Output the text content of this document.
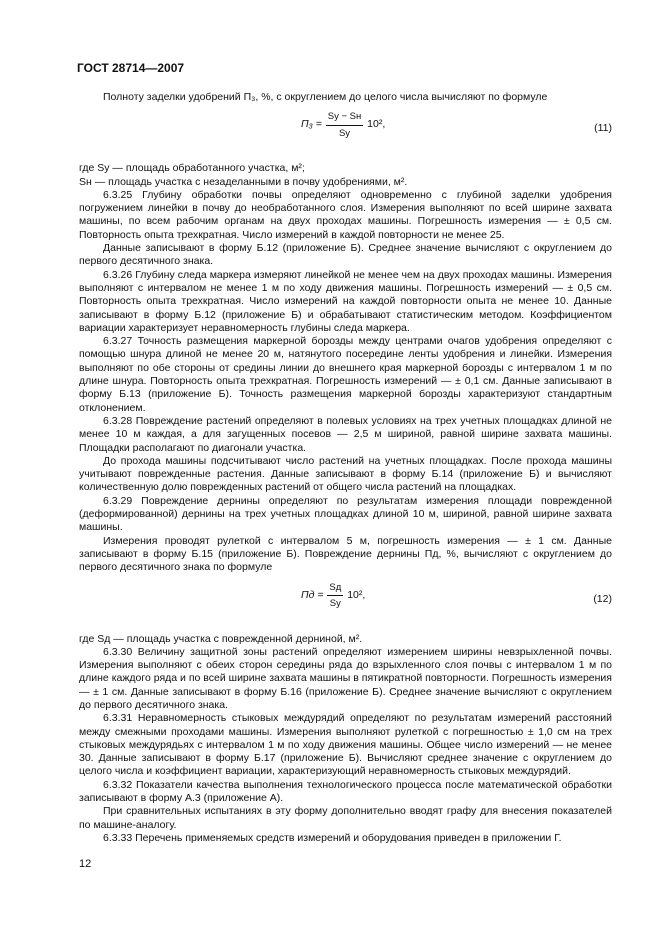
ГОСТ 28714—2007

Полноту заделки удобрений П₃, %, с округлением до целого числа вычисляют по формуле

$П_3 = \frac{Sу - Sн}{Sу} 10^2$,	(11)

где Sу — площадь обработанного участка, м²;

Sн — площадь участка с незаделанными в почву удобрениями, м².

6.3.25 Глубину обработки почвы определяют одновременно с глубиной заделки удобрения погружением линейки в почву до необработанного слоя. Измерения выполняют по всей ширине захвата машины, по всем рабочим органам на двух проходах машины. Погрешность измерения — ± 0,5 см. Повторность опыта трехкратная. Число измерений в каждой повторности не менее 25.

Данные записывают в форму Б.12 (приложение Б). Среднее значение вычисляют с округлением до первого десятичного знака.

6.3.26 Глубину следа маркера измеряют линейкой не менее чем на двух проходах машины. Измерения выполняют с интервалом не менее 1 м по ходу движения машины. Погрешность измерений — ± 0,5 см. Повторность опыта трехкратная. Число измерений на каждой повторности опыта не менее 10. Данные записывают в форму Б.12 (приложение Б) и обрабатывают статистическим методом. Коэффициентом вариации характеризует неравномерность глубины следа маркера.

6.3.27 Точность размещения маркерной борозды между центрами очагов удобрения определяют с помощью шнура длиной не менее 20 м, натянутого посередине ленты удобрения и линейки. Измерения выполняют по обе стороны от средины линии до внешнего края маркерной борозды с интервалом 1 м по длине шнура. Повторность опыта трехкратная. Погрешность измерений — ± 0,1 см. Данные записывают в форму Б.13 (приложение Б). Точность размещения маркерной борозды характеризуют стандартным отклонением.

6.3.28 Повреждение растений определяют в полевых условиях на трех учетных площадках длиной не менее 10 м каждая, а для загущенных посевов — 2,5 м шириной, равной ширине захвата машины. Площадки располагают по диагонали участка.

До прохода машины подсчитывают число растений на учетных площадках. После прохода машины учитывают поврежденные растения. Данные записывают в форму Б.14 (приложение Б) и вычисляют количественную долю поврежденных растений от общего числа растений на площадках.

6.3.29 Повреждение дернины определяют по результатам измерения площади поврежденной (деформированной) дернины на трех учетных площадках длиной 10 м, шириной, равной ширине захвата машины.

Измерения проводят рулеткой с интервалом 5 м, погрешность измерения — ± 1 см. Данные записывают в форму Б.15 (приложение Б). Повреждение дернины Пд, %, вычисляют с округлением до первого десятичного знака по формуле

Пд = $\frac{Sд}{Sу} 10^2$,	(12)

где Sд — площадь участка с поврежденной дерниной, м².

6.3.30 Величину защитной зоны растений определяют измерением ширины невзрыхленной почвы. Измерения выполняют с обеих сторон середины ряда до взрыхленного слоя почвы с интервалом 1 м по длине каждого ряда и по всей ширине захвата машины в пятикратной повторности. Погрешность измерения — ± 1 см. Данные записывают в форму Б.16 (приложение Б). Среднее значение вычисляют с округлением до первого десятичного знака.

6.3.31 Неравномерность стыковых междурядий определяют по результатам измерений расстояний между смежными проходами машины. Измерения выполняют рулеткой с погрешностью ± 1,0 см на трех стыковых междурядьях с интервалом 1 м по ходу движения машины. Общее число измерений — не менее 30. Данные записывают в форму Б.17 (приложение Б). Вычисляют среднее значение с округлением до целого числа и коэффициент вариации, характеризующий неравномерность стыковых междурядий.

6.3.32 Показатели качества выполнения технологического процесса после математической обработки записывают в форму А.3 (приложение А).

При сравнительных испытаниях в эту форму дополнительно вводят графу для внесения показателей по машине-аналогу.

6.3.33 Перечень применяемых средств измерений и оборудования приведен в приложении Г.

12
